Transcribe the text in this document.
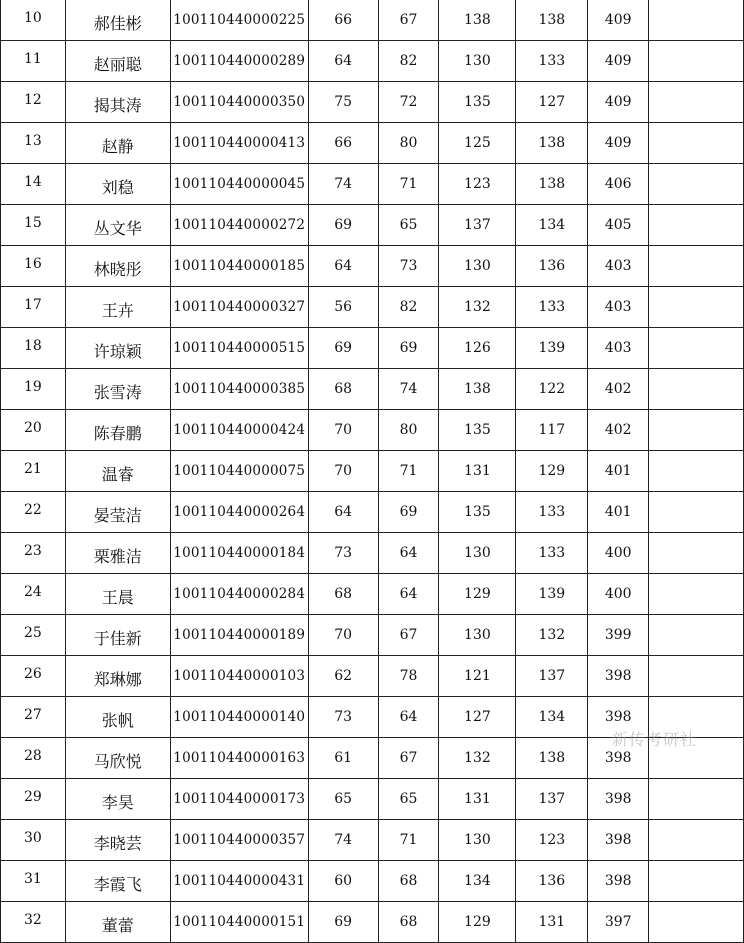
10	郝佳彬	100110440000225	66	67	138	138	409	
11	赵丽聪	100110440000289	64	82	130	133	409	
12	揭其涛	100110440000350	75	72	135	127	409	
13	赵静	100110440000413	66	80	125	138	409	
14	刘稳	100110440000045	74	71	123	138	406	
15	丛文华	100110440000272	69	65	137	134	405	
16	林晓彤	100110440000185	64	73	130	136	403	
17	王卉	100110440000327	56	82	132	133	403	
18	许琼颖	100110440000515	69	69	126	139	403	
19	张雪涛	100110440000385	68	74	138	122	402	
20	陈春鹏	100110440000424	70	80	135	117	402	
21	温睿	100110440000075	70	71	131	129	401	
22	晏莹洁	100110440000264	64	69	135	133	401	
23	栗雅洁	100110440000184	73	64	130	133	400	
24	王晨	100110440000284	68	64	129	139	400	
25	于佳新	100110440000189	70	67	130	132	399	
26	郑琳娜	100110440000103	62	78	121	137	398	
27	张帆	100110440000140	73	64	127	134	398	
28	马欣悦	100110440000163	61	67	132	138	398	
29	李昊	100110440000173	65	65	131	137	398	
30	李晓芸	100110440000357	74	71	130	123	398	
31	李霞飞	100110440000431	60	68	134	136	398	
32	董蕾	100110440000151	69	68	129	131	397	
新传考研社
